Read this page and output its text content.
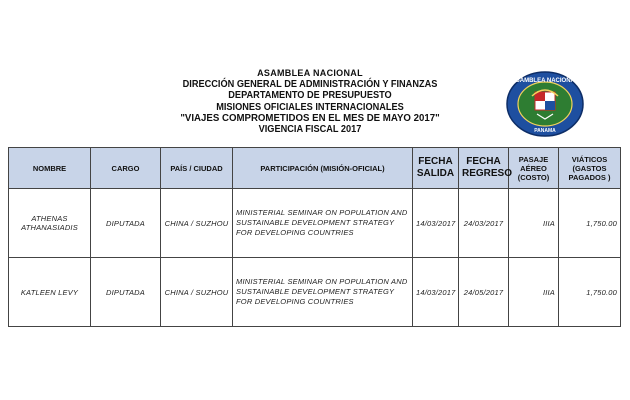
ASAMBLEA NACIONAL
DIRECCIÓN GENERAL DE ADMINISTRACIÓN Y FINANZAS
DEPARTAMENTO DE PRESUPUESTO
MISIONES OFICIALES INTERNACIONALES
"VIAJES COMPROMETIDOS EN EL MES DE MAYO 2017"
VIGENCIA FISCAL 2017
ASAMBLEA NACIONAL
PANAMA
NOMBRE	CARGO	PAÍS / CIUDAD	PARTICIPACIÓN (MISIÓN-OFICIAL)	FECHA SALIDA	FECHA REGRESO	PASAJE AÉREO (COSTO)	VIÁTICOS (GASTOS PAGADOS )
ATHENAS ATHANASIADIS	DIPUTADA	CHINA / SUZHOU	MINISTERIAL SEMINAR ON POPULATION AND SUSTAINABLE DEVELOPMENT STRATEGY FOR DEVELOPING COUNTRIES	14/03/2017	24/03/2017	IIIA	1,750.00
KATLEEN LEVY	DIPUTADA	CHINA / SUZHOU	MINISTERIAL SEMINAR ON POPULATION AND SUSTAINABLE DEVELOPMENT STRATEGY FOR DEVELOPING COUNTRIES	14/03/2017	24/05/2017	IIIA	1,750.00
